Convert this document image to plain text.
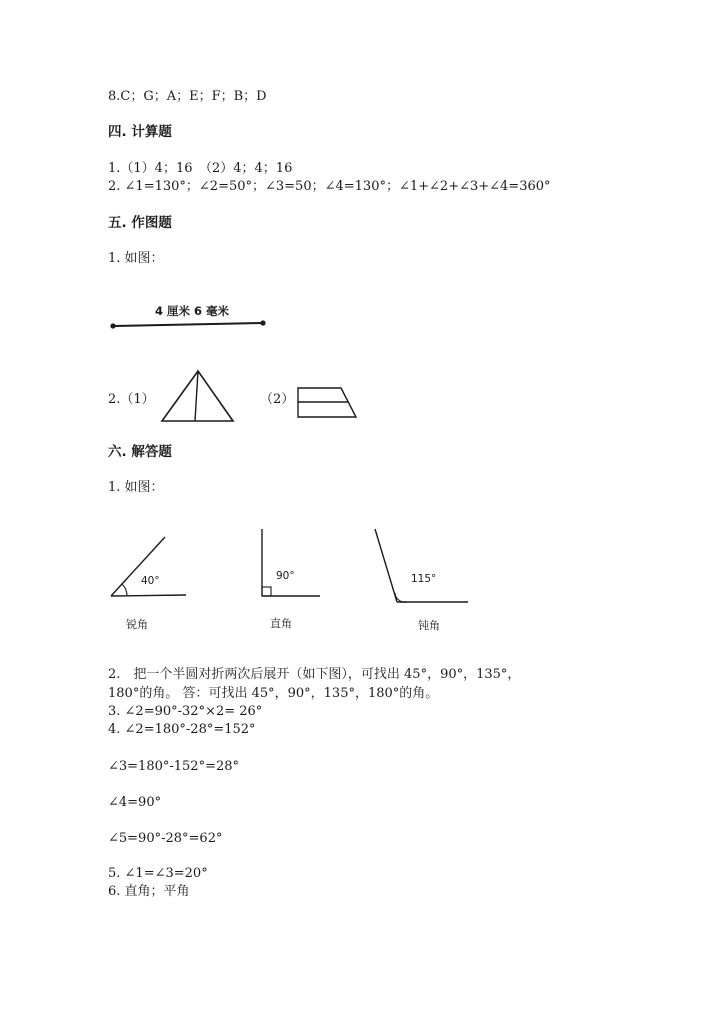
8.C；G；A；E；F；B；D
四. 计算题
1.（1）4；16　（2）4；4；16
2. ∠1=130°；∠2=50°；∠3=50；∠4=130°；∠1+∠2+∠3+∠4=360°
五. 作图题
1. 如图：
4 厘米 6 毫米
2.（1）	（2）
六. 解答题
1. 如图：
40°
锐角
90°
直角
115°
钝角
2.　把一个半圆对折两次后展开（如下图），可找出 45°，90°，135°，
180°的角。 答：可找出 45°，90°，135°，180°的角。
3. ∠2=90°-32°×2= 26°
4. ∠2=180°-28°=152°
∠3=180°-152°=28°
∠4=90°
∠5=90°-28°=62°
5. ∠1=∠3=20°
6. 直角；平角
